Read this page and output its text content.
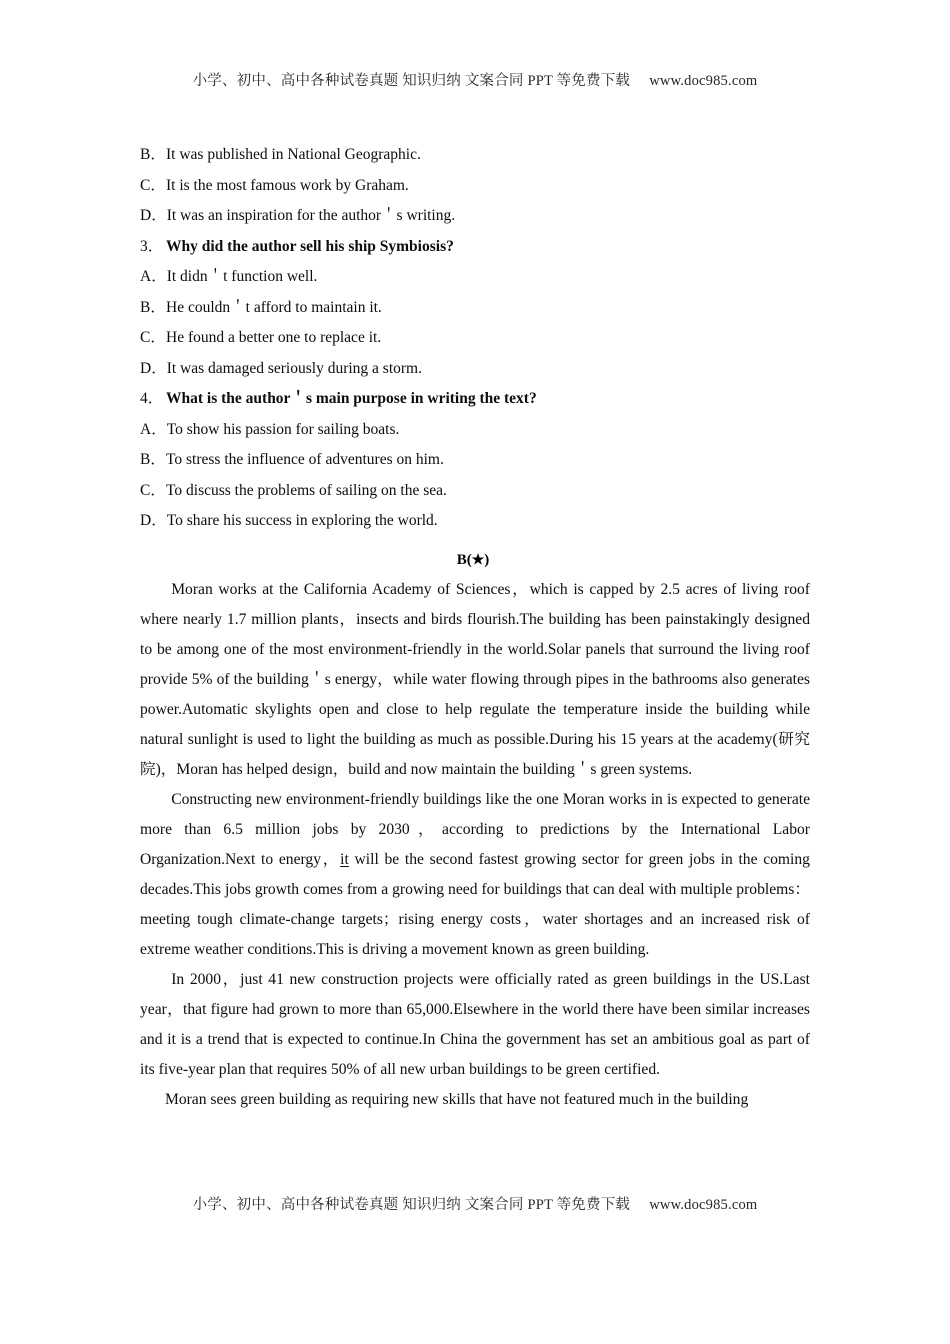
小学、初中、高中各种试卷真题 知识归纳 文案合同 PPT 等免费下载     www.doc985.com
B．It was published in National Geographic.
C．It is the most famous work by Graham.
D．It was an inspiration for the author＇s writing.
3． Why did the author sell his ship Symbiosis?
A．It didn＇t function well.
B．He couldn＇t afford to maintain it.
C．He found a better one to replace it.
D．It was damaged seriously during a storm.
4． What is the author＇s main purpose in writing the text?
A．To show his passion for sailing boats.
B．To stress the influence of adventures on him.
C．To discuss the problems of sailing on the sea.
D．To share his success in exploring the world.
B(★)

Moran works at the California Academy of Sciences，which is capped by 2.5 acres of living roof where nearly 1.7 million plants，insects and birds flourish.The building has been painstakingly designed to be among one of the most environment-friendly in the world.Solar panels that surround the living roof provide 5% of the building＇s energy，while water flowing through pipes in the bathrooms also generates power.Automatic skylights open and close to help regulate the temperature inside the building while natural sunlight is used to light the building as much as possible.During his 15 years at the academy(研究院)，Moran has helped design，build and now maintain the building＇s green systems.

Constructing new environment-friendly buildings like the one Moran works in is expected to generate more than 6.5 million jobs by 2030，according to predictions by the International Labor Organization.Next to energy，it will be the second fastest growing sector for green jobs in the coming decades.This jobs growth comes from a growing need for buildings that can deal with multiple problems：meeting tough climate-change targets；rising energy costs，water shortages and an increased risk of extreme weather conditions.This is driving a movement known as green building.

In 2000，just 41 new construction projects were officially rated as green buildings in the US.Last year，that figure had grown to more than 65,000.Elsewhere in the world there have been similar increases and it is a trend that is expected to continue.In China the government has set an ambitious goal as part of its five-year plan that requires 50% of all new urban buildings to be green certified.

Moran sees green building as requiring new skills that have not featured much in the building

小学、初中、高中各种试卷真题 知识归纳 文案合同 PPT 等免费下载     www.doc985.com
